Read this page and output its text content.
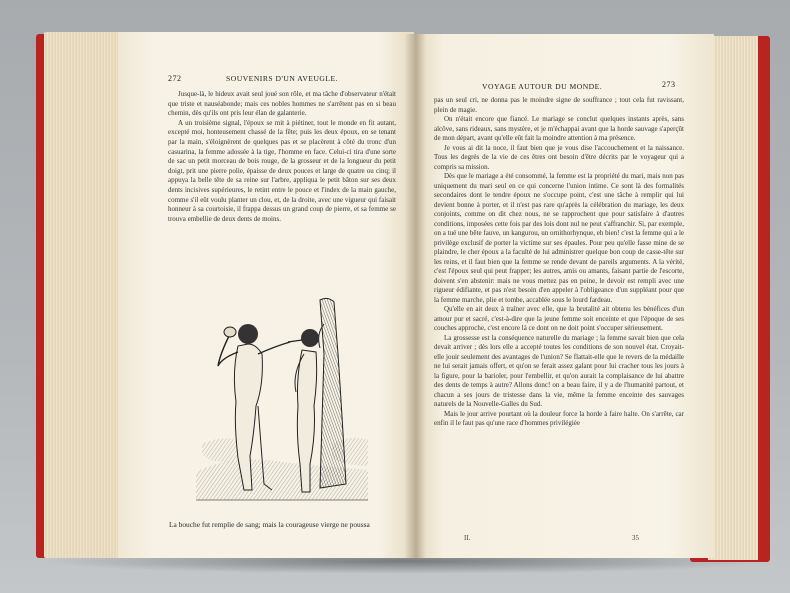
272	SOUVENIRS D'UN AVEUGLE.

Jusque-là, le hideux avait seul joué son rôle, et ma tâche d'observateur n'était que triste et nauséabonde; mais ces nobles hommes ne s'arrêtent pas en si beau chemin, dès qu'ils ont pris leur élan de galanterie.

A un troisième signal, l'époux se mit à piétiner, tout le monde en fit autant, excepté moi, honteusement chassé de la fête; puis les deux époux, en se tenant par la main, s'éloignèrent de quelques pas et se placèrent à côté du tronc d'un casuarina, la femme adossée à la tige, l'homme en face. Celui-ci tira d'une sorte de sac un petit morceau de bois rouge, de la grosseur et de la longueur du petit doigt, prit une pierre polie, épaisse de deux pouces et large de quatre ou cinq; il appuya la belle tête de sa reine sur l'arbre, appliqua le petit bâton sur ses deux dents incisives supérieures, le retint entre le pouce et l'index de la main gauche, comme s'il eût voulu planter un clou, et, de la droite, avec une vigueur qui faisait honneur à sa courtoisie, il frappa dessus un grand coup de pierre, et sa femme se trouva embellie de deux dents de moins.

La bouche fut remplie de sang; mais la courageuse vierge ne poussa
VOYAGE AUTOUR DU MONDE.	273

pas un seul cri, ne donna pas le moindre signe de souffrance ; tout cela fut ravissant, plein de magie.

On n'était encore que fiancé. Le mariage se conclut quelques instants après, sans alcôve, sans rideaux, sans mystère, et je m'échappai avant que la horde sauvage s'aperçût de mon départ, avant qu'elle eût fait la moindre attention à ma présence.

Je vous ai dit la noce, il faut bien que je vous dise l'accouchement et la naissance. Tous les degrés de la vie de ces êtres ont besoin d'être décrits par le voyageur qui a compris sa mission.

Dès que le mariage a été consommé, la femme est la propriété du mari, mais non pas uniquement du mari seul en ce qui concerne l'union intime. Ce sont là des formalités secondaires dont le tendre époux ne s'occupe point, c'est une tâche à remplir qui lui devient bonne à porter, et il n'est pas rare qu'après la célébration du mariage, les deux conjoints, comme on dit chez nous, ne se rapprochent que pour satisfaire à d'autres conditions, imposées cette fois par des lois dont nul ne peut s'affranchir. Si, par exemple, on a tué une bête fauve, un kangurou, un ornithorhynque, eh bien! c'est la femme qui a le privilège exclusif de porter la victime sur ses épaules. Pour peu qu'elle fasse mine de se plaindre, le cher époux a la faculté de lui administrer quelque bon coup de casse-tête sur les reins, et il faut bien que la femme se rende devant de pareils arguments. A la vérité, c'est l'époux seul qui peut frapper; les autres, amis ou amants, faisant partie de l'escorte, doivent s'en abstenir: mais ne vous mettez pas en peine, le devoir est rempli avec une rigueur édifiante, et pas n'est besoin d'en appeler à l'obligeance d'un suppléant pour que la femme marche, plie et tombe, accablée sous le lourd fardeau.

Qu'elle en ait deux à traîner avec elle, que la brutalité ait obtenu les bénéfices d'un amour pur et sacré, c'est-à-dire que la jeune femme soit enceinte et que l'époque de ses couches approche, c'est encore là ce dont on ne doit point s'occuper sérieusement.

La grossesse est la conséquence naturelle du mariage ; la femme savait bien que cela devait arriver ; dès lors elle a accepté toutes les conditions de son nouvel état. Croyait-elle jouir seulement des avantages de l'union? Se flattait-elle que le revers de la médaille ne lui serait jamais offert, et qu'on se ferait assez galant pour lui cracher tous les jours à la figure, pour la barioler, pour l'embellir, et qu'on aurait la complaisance de lui abattre des dents de temps à autre? Allons donc! on a beau faire, il y a de l'humanité partout, et chacun a ses jours de tristesse dans la vie, même la femme enceinte des sauvages naturels de la Nouvelle-Galles du Sud.

Mais le jour arrive pourtant où la douleur force la horde à faire halte. On s'arrête, car enfin il le faut pas qu'une race d'hommes privilégiée

II.	35
